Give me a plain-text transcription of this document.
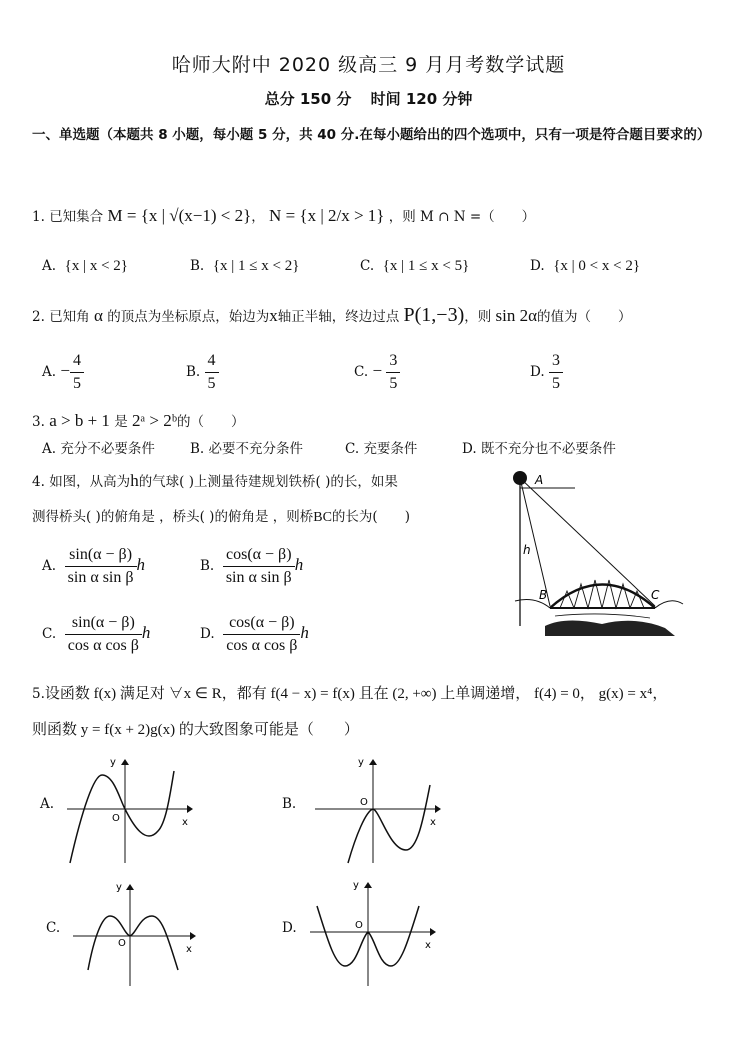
哈师大附中 2020 级高三 9 月月考数学试题
总分 150 分 时间 120 分钟
一、单选题（本题共 8 小题，每小题 5 分，共 40 分.在每小题给出的四个选项中，只有一项是符合题目要求的）
1. 已知集合 M = {x | √(x−1) < 2}， N = {x | 2/x > 1} ，则 M ∩ N =（　　）
A. {x | x < 2}	B. {x | 1 ≤ x < 2}	C. {x | 1 ≤ x < 5}	D. {x | 0 < x < 2}
2. 已知角 α 的顶点为坐标原点，始边为x轴正半轴，终边过点 P(1,−3)，则 sin 2α的值为（　　）
A. − $\frac{4}{5}$	B. $\frac{4}{5}$	C. − $\frac{3}{5}$	D. $\frac{3}{5}$
3. a > b + 1 是 2ᵃ > 2ᵇ的（　　）
A. 充分不必要条件	B. 必要不充分条件	C. 充要条件	D. 既不充分也不必要条件
4. 如图，从高为h的气球( )上测量待建规划铁桥( )的长，如果
测得桥头( )的俯角是 ，桥头( )的俯角是 ，则桥BC的长为(　　)
A. $\frac{\sin(\alpha - \beta)}{\text{sin α sin β}}$ h	B. $\frac{\cos(\alpha - \beta)}{\text{sin α sin β}}$ h
C. $\frac{\sin(\alpha - \beta)}{\text{cos α cos β}}$ h	D. $\frac{\cos(\alpha - \beta)}{\text{cos α cos β}}$ h
A
h
B	C
5.设函数 f(x) 满足对 ∀x ∈ R，都有 f(4 − x) = f(x) 且在 (2, +∞) 上单调递增， f(4) = 0， g(x) = x⁴，
则函数 y = f(x + 2)g(x) 的大致图象可能是（　　）
A.
y
x
O
B.
y
x
O
C.
y
x
O
D.
y
x
O
